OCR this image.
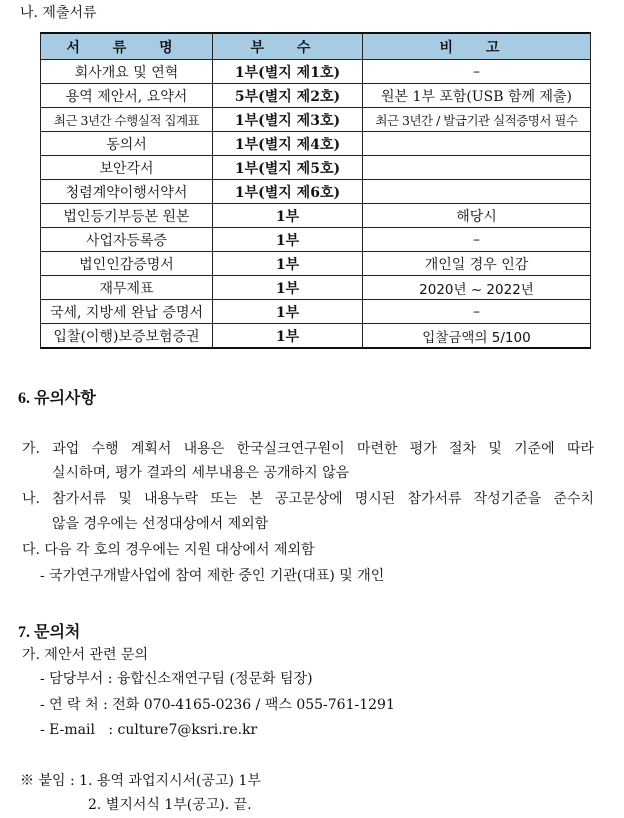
나. 제출서류
서 류 명	부 수	비 고
회사개요 및 연혁	1부(별지 제1호)	–
용역 제안서, 요약서	5부(별지 제2호)	원본 1부 포함(USB 함께 제출)
최근 3년간 수행실적 집계표	1부(별지 제3호)	최근 3년간 / 발급기관 실적증명서 필수
동의서	1부(별지 제4호)	
보안각서	1부(별지 제5호)	
청렴계약이행서약서	1부(별지 제6호)	
법인등기부등본 원본	1부	해당시
사업자등록증	1부	–
법인인감증명서	1부	개인일 경우 인감
재무제표	1부	2020년 ~ 2022년
국세, 지방세 완납 증명서	1부	–
입찰(이행)보증보험증권	1부	입찰금액의 5/100
6. 유의사항
가. 과업 수행 계획서 내용은 한국실크연구원이 마련한 평가 절차 및 기준에 따라
실시하며, 평가 결과의 세부내용은 공개하지 않음
나. 참가서류 및 내용누락 또는 본 공고문상에 명시된 참가서류 작성기준을 준수치
않을 경우에는 선정대상에서 제외함
다. 다음 각 호의 경우에는 지원 대상에서 제외함
- 국가연구개발사업에 참여 제한 중인 기관(대표) 및 개인
7. 문의처
가. 제안서 관련 문의
- 담당부서 : 융합신소재연구팀 (정문화 팀장)
- 연 락 처 : 전화 070-4165-0236 / 팩스 055-761-1291
- E-mail   : culture7@ksri.re.kr
※ 붙임 : 1. 용역 과업지시서(공고) 1부
2. 별지서식 1부(공고). 끝.
